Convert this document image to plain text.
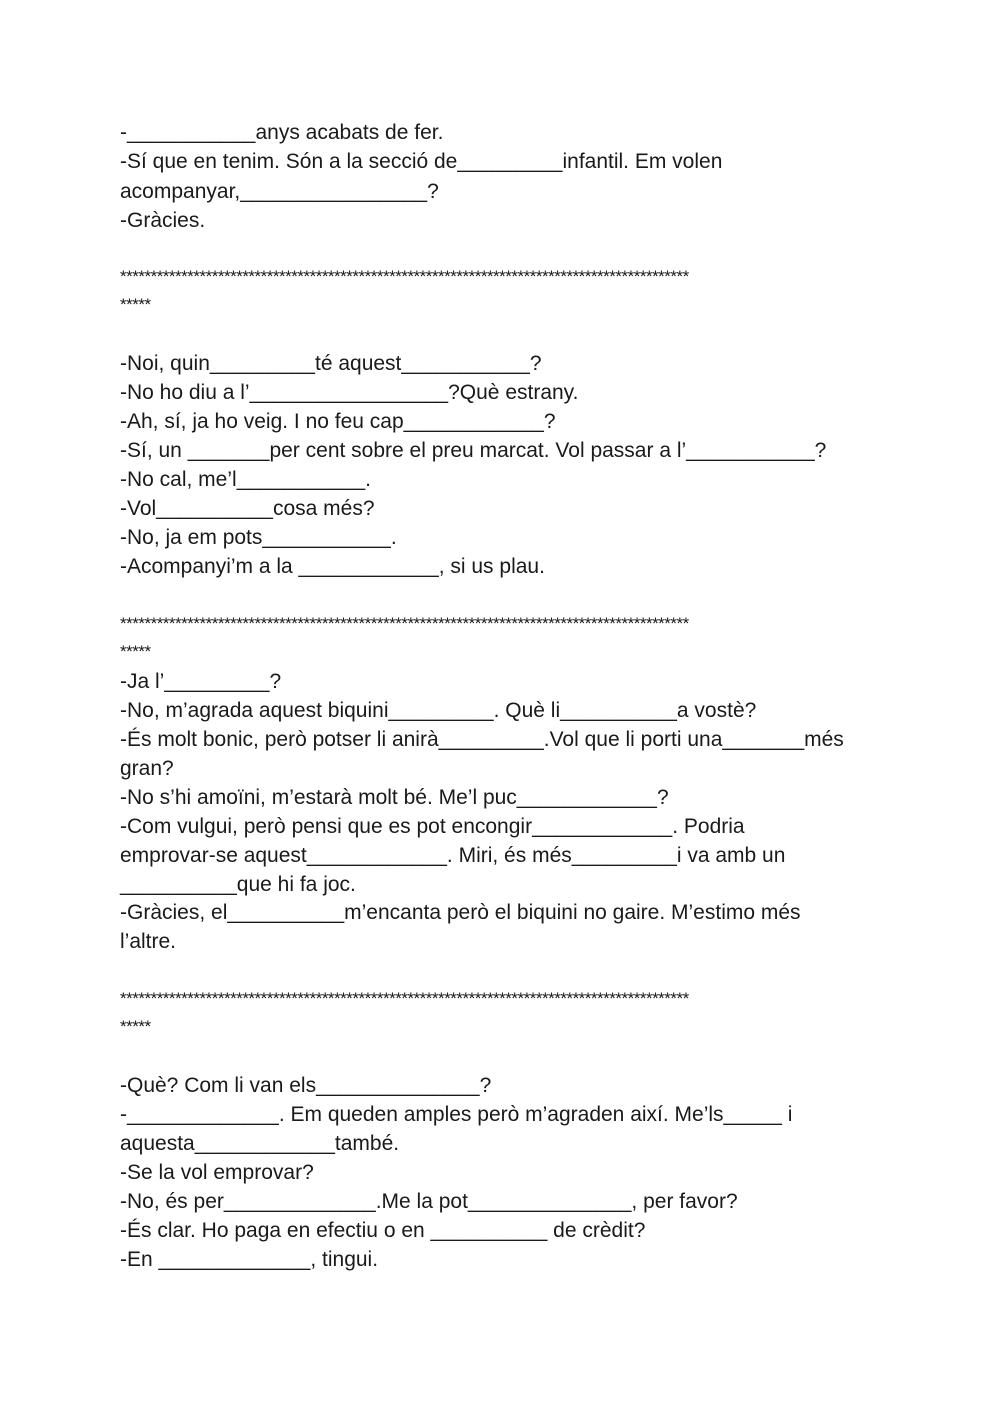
-___________anys acabats de fer.
-Sí que en tenim. Són a la secció de_________infantil. Em volen
acompanyar,________________?
-Gràcies.
*********************************************************************************************
*****
-Noi, quin_________té aquest___________?
-No ho diu a l’_________________?Què estrany.
-Ah, sí, ja ho veig. I no feu cap____________?
-Sí, un _______per cent sobre el preu marcat. Vol passar a l’___________?
-No cal, me’l___________.
-Vol__________cosa més?
-No, ja em pots___________.
-Acompanyi’m a la ____________, si us plau.
*********************************************************************************************
*****
-Ja l’_________?
-No, m’agrada aquest biquini_________. Què li__________a vostè?
-És molt bonic, però potser li anirà_________.Vol que li porti una_______més
gran?
-No s’hi amoïni, m’estarà molt bé. Me’l puc____________?
-Com vulgui, però pensi que es pot encongir____________. Podria
emprovar-se aquest____________. Miri, és més_________i va amb un
__________que hi fa joc.
-Gràcies, el__________m’encanta però el biquini no gaire. M’estimo més
l’altre.
*********************************************************************************************
*****
-Què? Com li van els______________?
-_____________. Em queden amples però m’agraden així. Me’ls_____ i
aquesta____________també.
-Se la vol emprovar?
-No, és per_____________.Me la pot______________, per favor?
-És clar. Ho paga en efectiu o en __________ de crèdit?
-En _____________, tingui.
